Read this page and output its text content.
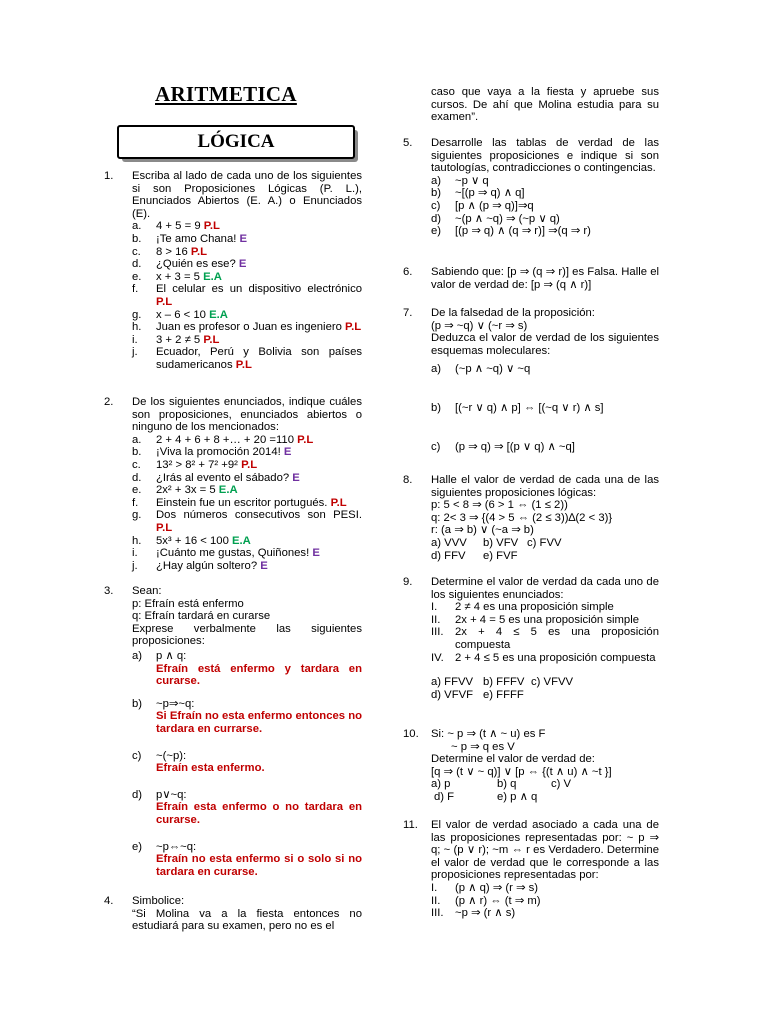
ARITMETICA
LÓGICA
1.	Escriba al lado de cada uno de los siguientes si son Proposiciones Lógicas (P. L.), Enunciados Abiertos (E. A.) o Enunciados (E).
a. 4 + 5 = 9 P.L
b. ¡Te amo Chana! E
c. 8 > 16 P.L
d. ¿Quién es ese? E
e. x + 3 = 5 E.A
f. El celular es un dispositivo electrónico P.L
g. x – 6 < 10 E.A
h. Juan es profesor o Juan es ingeniero P.L
i. 3 + 2 ≠ 5 P.L
j. Ecuador, Perú y Bolivia son países sudamericanos P.L
2.	De los siguientes enunciados, indique cuáles son proposiciones, enunciados abiertos o ninguno de los mencionados:
a. 2 + 4 + 6 + 8 +… + 20 =110 P.L
b. ¡Viva la promoción 2014! E
c. 13² > 8² + 7² +9² P.L
d. ¿Irás al evento el sábado? E
e. 2x² + 3x = 5 E.A
f. Einstein fue un escritor portugués. P.L
g. Dos números consecutivos son PESI. P.L
h. 5x³ + 16 < 100 E.A
i. ¡Cuánto me gustas, Quiñones! E
j. ¿Hay algún soltero? E
3.	Sean:
p: Efraín está enfermo
q: Efraín tardará en curarse
Exprese verbalmente las siguientes proposiciones:
a) p ∧ q:
Efraín está enfermo y tardara en curarse.
b) ~p⇒~q:
Si Efraín no esta enfermo entonces no tardara en currarse.
c) ~(~p):
Efraín esta enfermo.
d) p∨~q:
Efraín esta enfermo o no tardara en curarse.
e) ~p⇔~q:
Efraín no esta enfermo si o solo si no tardara en curarse.
4.	Simbolice:
“Si Molina va a la fiesta entonces no estudiará para su examen, pero no es el
caso que vaya a la fiesta y apruebe sus cursos. De ahí que Molina estudia para su examen”.
5.	Desarrolle las tablas de verdad de las siguientes proposiciones e indique si son tautologías, contradicciones o contingencias.
a) ~p ∨ q
b) ~[(p ⇒ q) ∧ q]
c) [p ∧ (p ⇒ q)]⇒q
d) ~(p ∧ ~q) ⇒ (~p ∨ q)
e) [(p ⇒ q) ∧ (q ⇒ r)] ⇒(q ⇒ r)
6.	Sabiendo que: [p ⇒ (q ⇒ r)] es Falsa. Halle el valor de verdad de: [p ⇒ (q ∧ r)]
7.	De la falsedad de la proposición:
(p ⇒ ~q) ∨ (~r ⇒ s)
Deduzca el valor de verdad de los siguientes esquemas moleculares:
a) (~p ∧ ~q) ∨ ~q
b) [(~r ∨ q) ∧ p] ⇔ [(~q ∨ r) ∧ s]
c) (p ⇒ q) ⇒ [(p ∨ q) ∧ ~q]
8.	Halle el valor de verdad de cada una de las siguientes proposiciones lógicas:
p: 5 < 8 ⇒ (6 > 1 ⇔ (1 ≤ 2))
q: 2< 3 ⇒ {(4 > 5 ⇔ (2 ≤ 3))∆(2 < 3)}
r: (a ⇒ b) ∨ (~a ⇒ b)
a) VVV b) VFV c) FVV
d) FFV e) FVF
9.	Determine el valor de verdad da cada uno de los siguientes enunciados:
I. 2 ≠ 4 es una proposición simple
II. 2x + 4 = 5 es una proposición simple
III. 2x + 4 ≤ 5 es una proposición compuesta
IV. 2 + 4 ≤ 5 es una proposición compuesta
a) FFVV b) FFFV c) VFVV
d) VFVF e) FFFF
10.	Si: ~ p ⇒ (t ∧ ~ u) es F
~ p ⇒ q es V
Determine el valor de verdad de:
[q ⇒ (t ∨ ~ q)] ∨ [p ⇔ {(t ∧ u) ∧ ~t }]
a) p	b) q	c) V
d) F	e) p ∧ q
11.	El valor de verdad asociado a cada una de las proposiciones representadas por: ~ p ⇒ q; ~ (p ∨ r); ~m ⇔ r es Verdadero. Determine el valor de verdad que le corresponde a las proposiciones representadas por:
I. (p ∧ q) ⇒ (r ⇒ s)
II. (p ∧ r) ⇔ (t ⇒ m)
III. ~p ⇒ (r ∧ s)
